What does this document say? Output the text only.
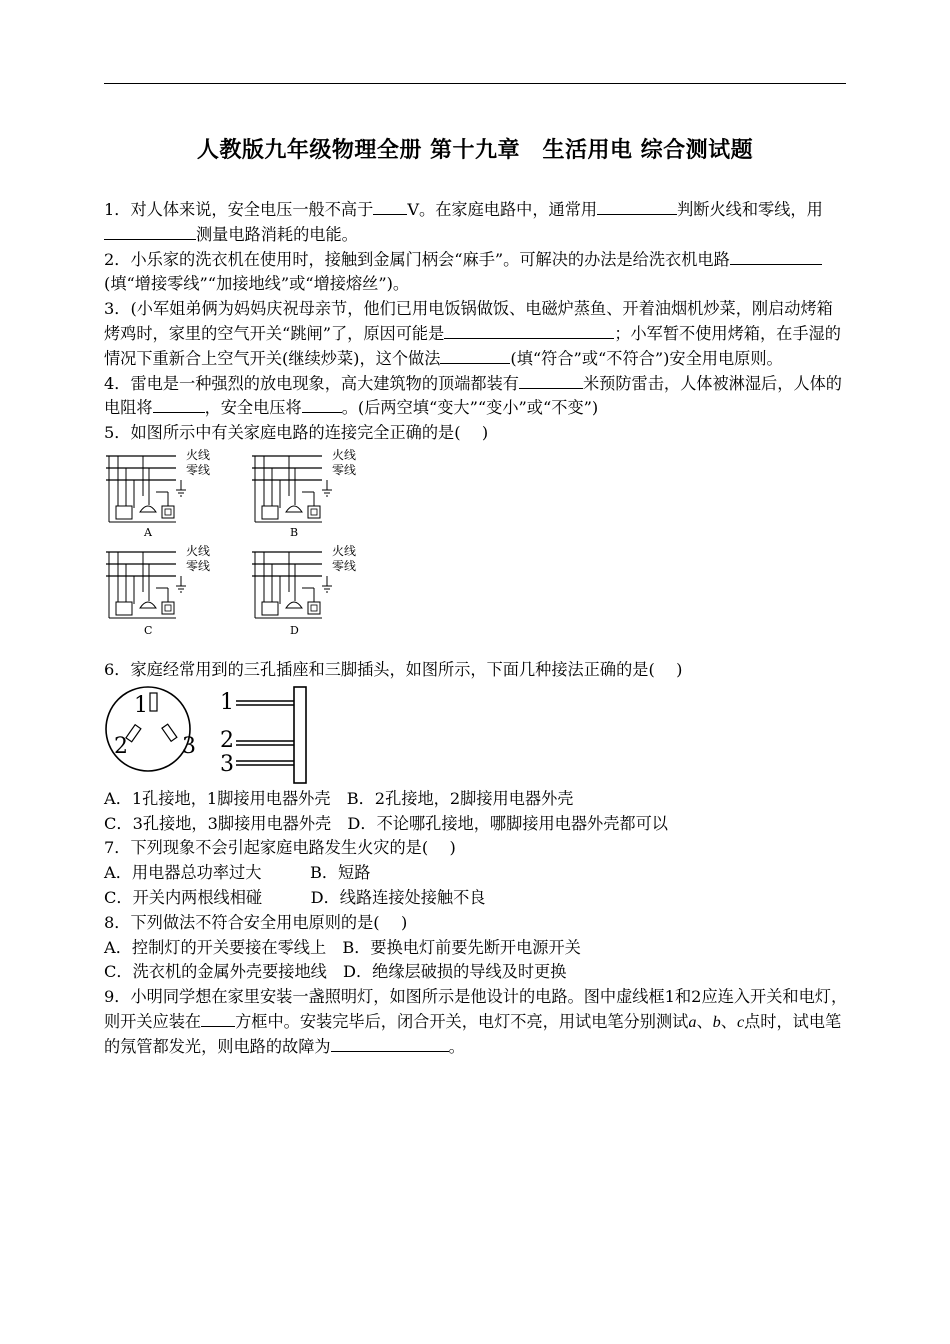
人教版九年级物理全册 第十九章　生活用电 综合测试题

1．对人体来说，安全电压一般不高于 V。在家庭电路中，通常用	判断火线和零线，用测量电路消耗的电能。

2．小乐家的洗衣机在使用时，接触到金属门柄会“麻手”。可解决的办法是给洗衣机电路(填“增接零线”“加接地线”或“增接熔丝”)。

3．(小军姐弟俩为妈妈庆祝母亲节，他们已用电饭锅做饭、电磁炉蒸鱼、开着油烟机炒菜，刚启动烤箱烤鸡时，家里的空气开关“跳闸”了，原因可能是	；小军暂不使用烤箱，在手湿的情况下重新合上空气开关(继续炒菜)，这个做法	(填“符合”或“不符合”)安全用电原则。

4．雷电是一种强烈的放电现象，高大建筑物的顶端都装有	米预防雷击，人体被淋湿后，人体的电阻将	，安全电压将 。(后两空填“变大”“变小”或“不变”)

5．如图所示中有关家庭电路的连接完全正确的是(　 )

火线
零线
火线
零线
火线
零线
火线
零线
A	B
C	D

6．家庭经常用到的三孔插座和三脚插头，如图所示，下面几种接法正确的是(　 )

1
2 3
1
2
3

A．1孔接地，1脚接用电器外壳　B．2孔接地，2脚接用电器外壳

C．3孔接地，3脚接用电器外壳　D．不论哪孔接地，哪脚接用电器外壳都可以

7．下列现象不会引起家庭电路发生火灾的是(　 )

A．用电器总功率过大　　　B．短路

C．开关内两根线相碰　　　D．线路连接处接触不良

8．下列做法不符合安全用电原则的是(　 )

A．控制灯的开关要接在零线上　B．要换电灯前要先断开电源开关

C．洗衣机的金属外壳要接地线　D．绝缘层破损的导线及时更换

9．小明同学想在家里安装一盏照明灯，如图所示是他设计的电路。图中虚线框1和2应连入开关和电灯，则开关应装在 方框中。安装完毕后，闭合开关，电灯不亮，用试电笔分别测试a、b、c点时，试电笔的氖管都发光，则电路的故障为	。
